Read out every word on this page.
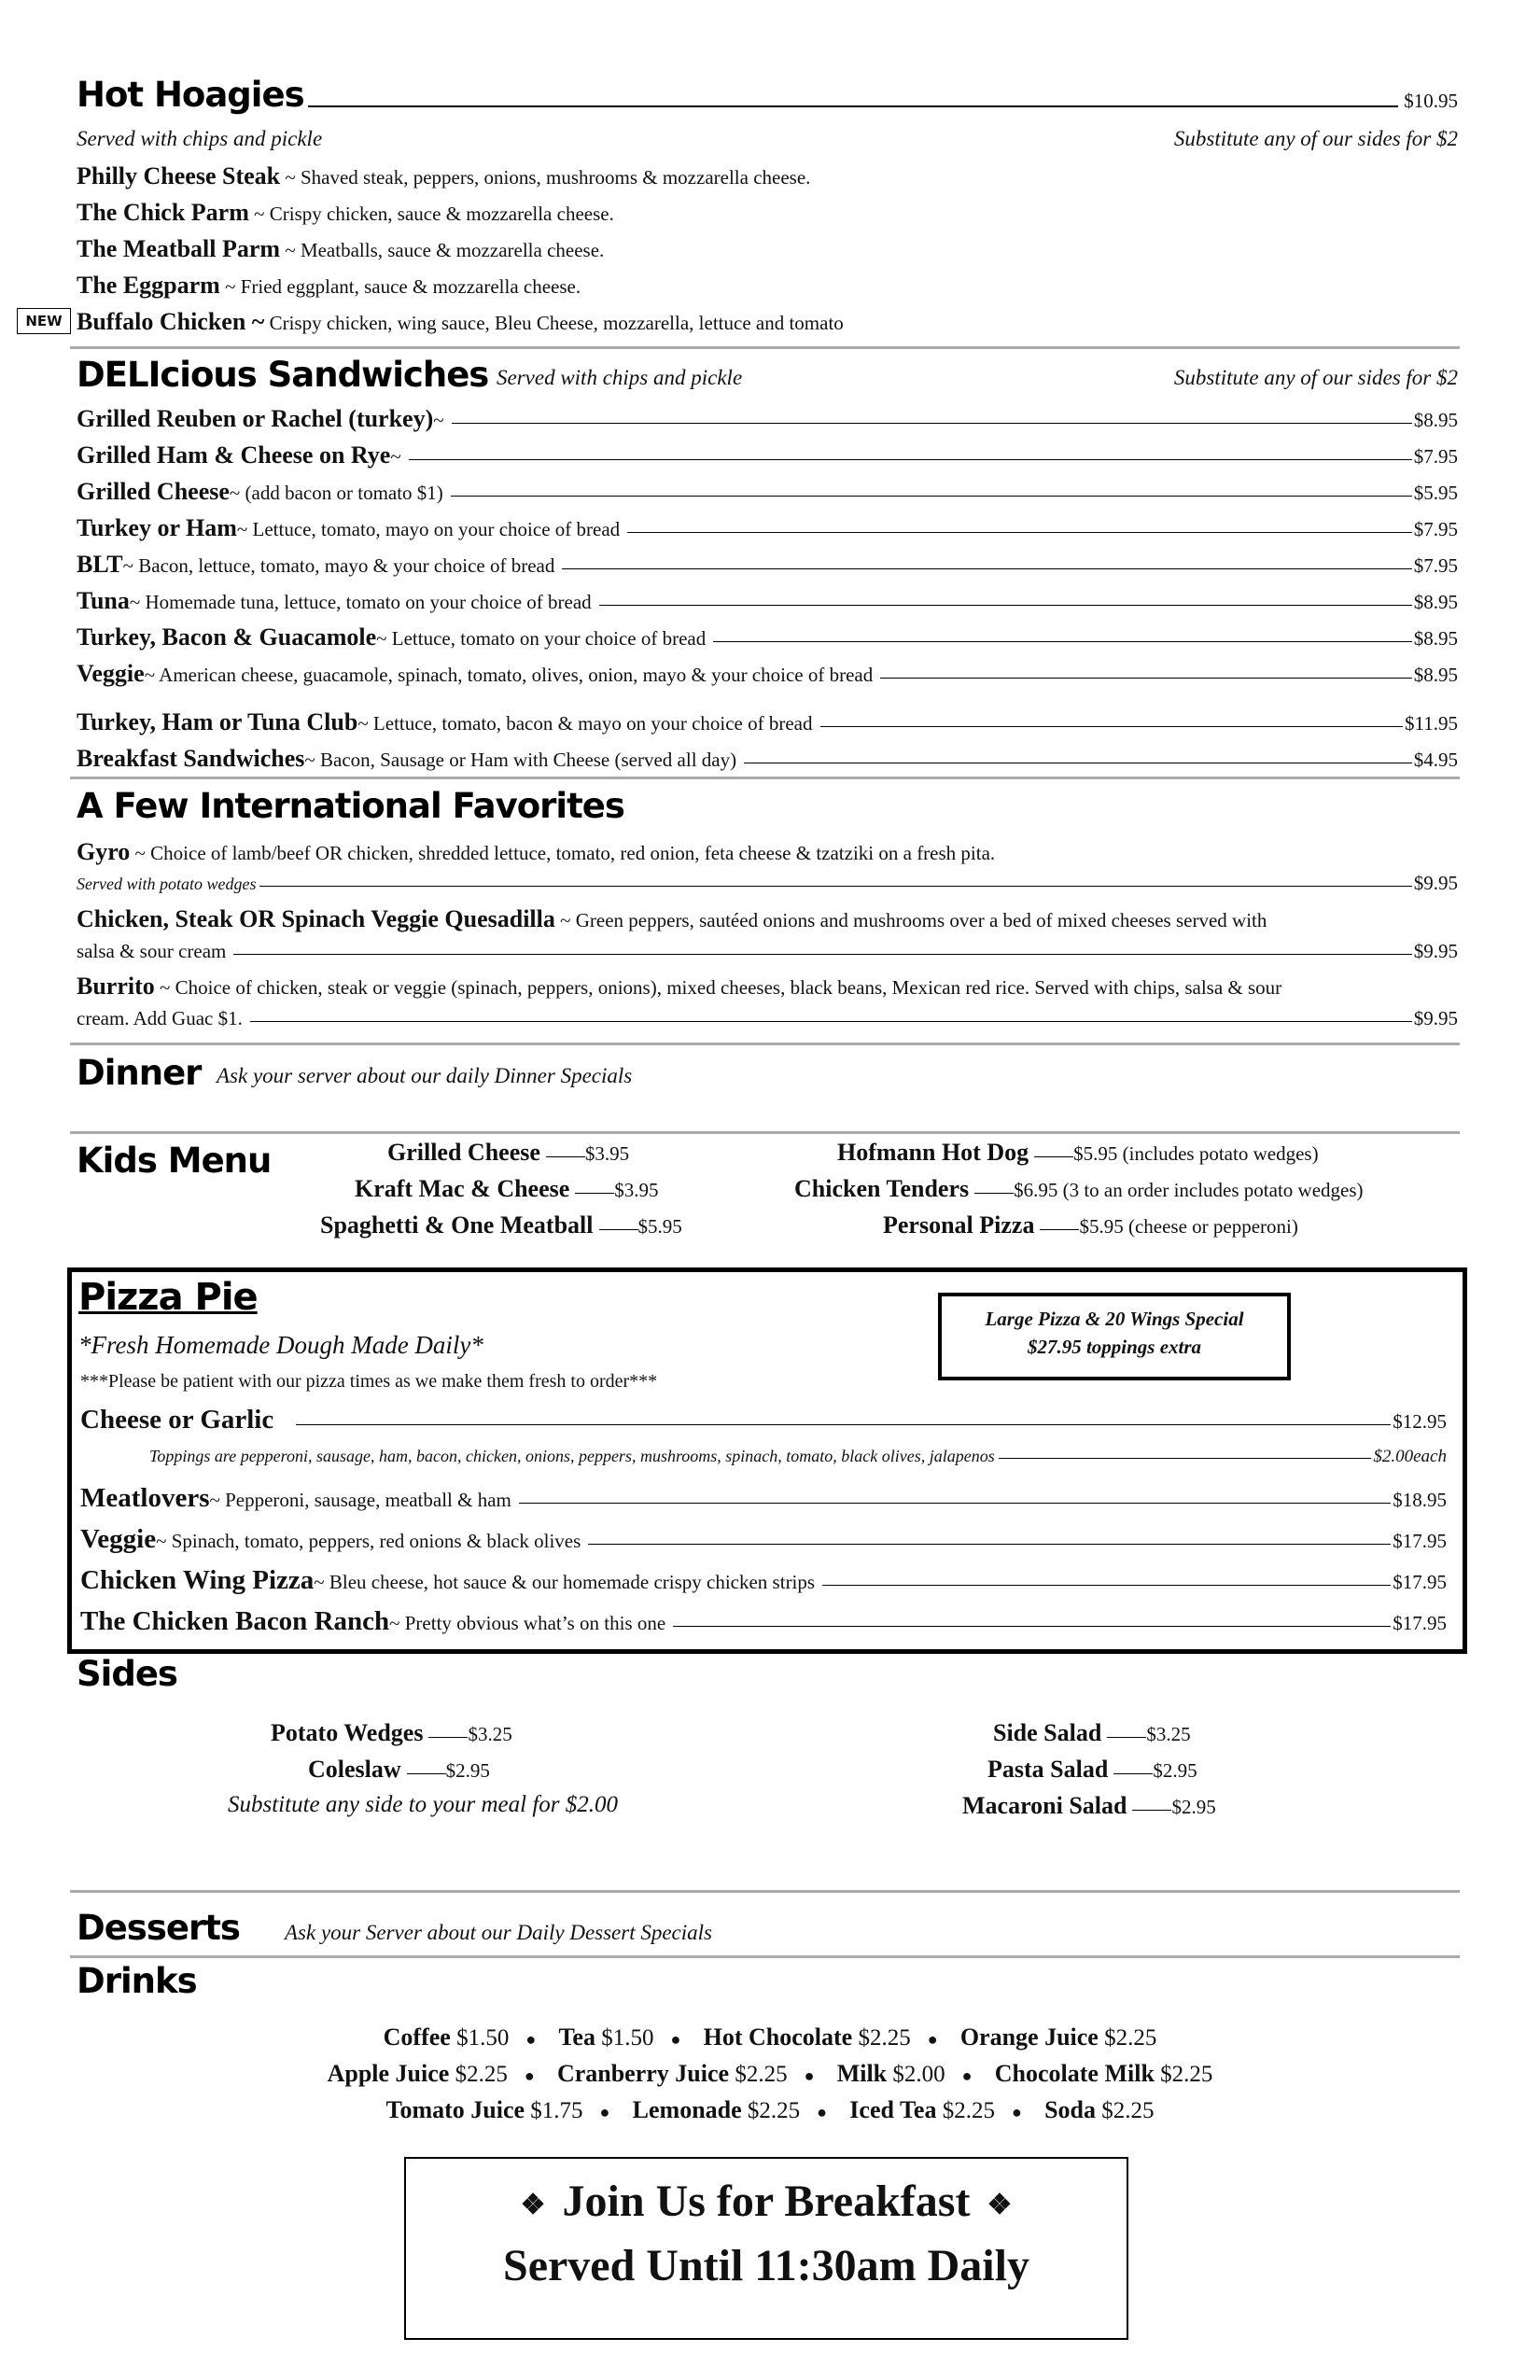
Hot Hoagies	$10.95
Served with chips and pickle	Substitute any of our sides for $2
Philly Cheese Steak ~ Shaved steak, peppers, onions, mushrooms & mozzarella cheese.
The Chick Parm ~ Crispy chicken, sauce & mozzarella cheese.
The Meatball Parm ~ Meatballs, sauce & mozzarella cheese.
The Eggparm ~ Fried eggplant, sauce & mozzarella cheese.
NEW Buffalo Chicken ~ Crispy chicken, wing sauce, Bleu Cheese, mozzarella, lettuce and tomato
DELIcious Sandwiches Served with chips and pickle	Substitute any of our sides for $2
Grilled Reuben or Rachel (turkey) ~	$8.95
Grilled Ham & Cheese on Rye ~	$7.95
Grilled Cheese ~ (add bacon or tomato $1)	$5.95
Turkey or Ham ~ Lettuce, tomato, mayo on your choice of bread	$7.95
BLT ~ Bacon, lettuce, tomato, mayo & your choice of bread	$7.95
Tuna ~ Homemade tuna, lettuce, tomato on your choice of bread	$8.95
Turkey, Bacon & Guacamole ~ Lettuce, tomato on your choice of bread	$8.95
Veggie ~ American cheese, guacamole, spinach, tomato, olives, onion, mayo & your choice of bread	$8.95
Turkey, Ham or Tuna Club ~ Lettuce, tomato, bacon & mayo on your choice of bread	$11.95
Breakfast Sandwiches ~ Bacon, Sausage or Ham with Cheese (served all day)	$4.95
A Few International Favorites
Gyro ~ Choice of lamb/beef OR chicken, shredded lettuce, tomato, red onion, feta cheese & tzatziki on a fresh pita.
Served with potato wedges	$9.95
Chicken, Steak OR Spinach Veggie Quesadilla ~ Green peppers, sautéed onions and mushrooms over a bed of mixed cheeses served with
salsa & sour cream	$9.95
Burrito ~ Choice of chicken, steak or veggie (spinach, peppers, onions), mixed cheeses, black beans, Mexican red rice. Served with chips, salsa & sour
cream. Add Guac $1.	$9.95
Dinner Ask your server about our daily Dinner Specials
Kids Menu	Grilled Cheese $3.95
Kraft Mac & Cheese $3.95
Spaghetti & One Meatball $5.95
Hofmann Hot Dog $5.95 (includes potato wedges)
Chicken Tenders $6.95 (3 to an order includes potato wedges)
Personal Pizza $5.95 (cheese or pepperoni)
Pizza Pie
*Fresh Homemade Dough Made Daily*
***Please be patient with our pizza times as we make them fresh to order***
Large Pizza & 20 Wings Special
$27.95 toppings extra
Cheese or Garlic	$12.95
Toppings are pepperoni, sausage, ham, bacon, chicken, onions, peppers, mushrooms, spinach, tomato, black olives, jalapenos	$2.00each
Meatlovers ~ Pepperoni, sausage, meatball & ham	$18.95
Veggie ~ Spinach, tomato, peppers, red onions & black olives	$17.95
Chicken Wing Pizza ~ Bleu cheese, hot sauce & our homemade crispy chicken strips	$17.95
The Chicken Bacon Ranch ~ Pretty obvious what’s on this one	$17.95
Sides
Potato Wedges $3.25
Coleslaw $2.95
Substitute any side to your meal for $2.00
Side Salad $3.25
Pasta Salad $2.95
Macaroni Salad $2.95
Desserts Ask your Server about our Daily Dessert Specials
Drinks
Coffee $1.50 ● Tea $1.50 ● Hot Chocolate $2.25 ● Orange Juice $2.25
Apple Juice $2.25 ● Cranberry Juice $2.25 ● Milk $2.00 ● Chocolate Milk $2.25
Tomato Juice $1.75 ● Lemonade $2.25 ● Iced Tea $2.25 ● Soda $2.25
❖ Join Us for Breakfast ❖
Served Until 11:30am Daily
